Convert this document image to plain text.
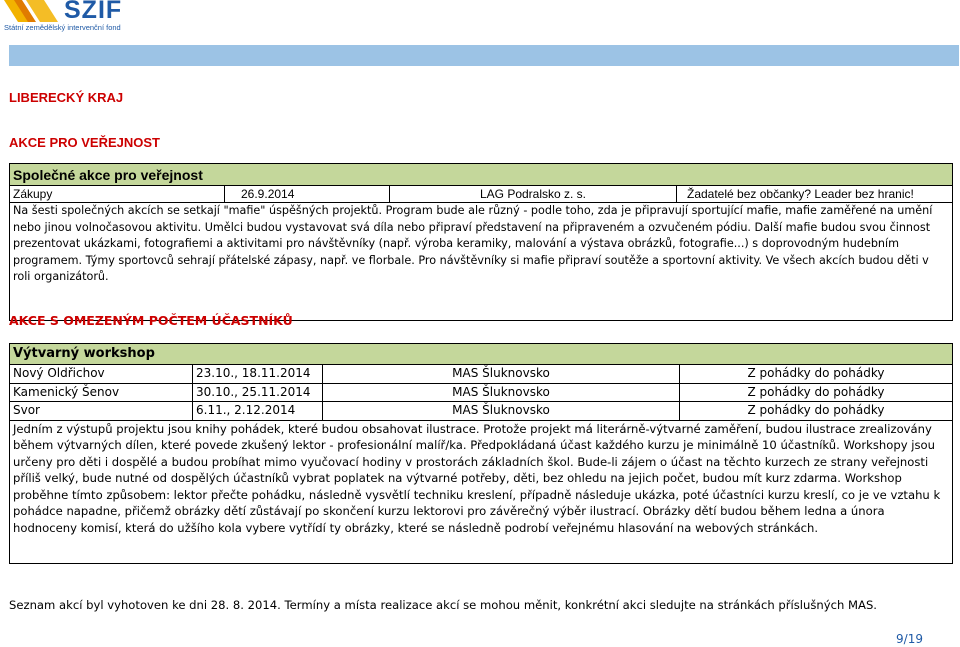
SZIF
Státní zemědělský intervenční fond
LIBERECKÝ KRAJ
AKCE PRO VEŘEJNOST
Společné akce pro veřejnost
Zákupy	26.9.2014	LAG Podralsko z. s.	Žadatelé bez občanky? Leader bez hranic!
Na šesti společných akcích se setkají "mafie" úspěšných projektů. Program bude ale různý - podle toho, zda je připravují sportující mafie, mafie zaměřené na umění nebo jinou volnočasovou aktivitu. Umělci budou vystavovat svá díla nebo připraví představení na připraveném a ozvučeném pódiu. Další mafie budou svou činnost prezentovat ukázkami, fotografiemi a aktivitami pro návštěvníky (např. výroba keramiky, malování a výstava obrázků, fotografie...) s doprovodným hudebním programem. Týmy sportovců sehrají přátelské zápasy, např. ve florbale. Pro návštěvníky si mafie připraví soutěže a sportovní aktivity. Ve všech akcích budou děti v roli organizátorů.
AKCE S OMEZENÝM POČTEM ÚČASTNÍKŮ
Výtvarný workshop
Nový Oldřichov	23.10., 18.11.2014	MAS Šluknovsko	Z pohádky do pohádky
Kamenický Šenov	30.10., 25.11.2014	MAS Šluknovsko	Z pohádky do pohádky
Svor	6.11., 2.12.2014	MAS Šluknovsko	Z pohádky do pohádky
Jedním z výstupů projektu jsou knihy pohádek, které budou obsahovat ilustrace. Protože projekt má literárně-výtvarné zaměření, budou ilustrace zrealizovány během výtvarných dílen, které povede zkušený lektor - profesionální malíř/ka. Předpokládaná účast každého kurzu je minimálně 10 účastníků. Workshopy jsou určeny pro děti i dospělé a budou probíhat mimo vyučovací hodiny v prostorách základních škol. Bude-li zájem o účast na těchto kurzech ze strany veřejnosti příliš velký, bude nutné od dospělých účastníků vybrat poplatek na výtvarné potřeby, děti, bez ohledu na jejich počet, budou mít kurz zdarma. Workshop proběhne tímto způsobem: lektor přečte pohádku, následně vysvětlí techniku kreslení, případně následuje ukázka, poté účastníci kurzu kreslí, co je ve vztahu k pohádce napadne, přičemž obrázky dětí zůstávají po skončení kurzu lektorovi pro závěrečný výběr ilustrací. Obrázky dětí budou během ledna a února hodnoceny komisí, která do užšího kola vybere vytřídí ty obrázky, které se následně podrobí veřejnému hlasování na webových stránkách.
Seznam akcí byl vyhotoven ke dni 28. 8. 2014. Termíny a místa realizace akcí se mohou měnit, konkrétní akci sledujte na stránkách příslušných MAS.
9/19
